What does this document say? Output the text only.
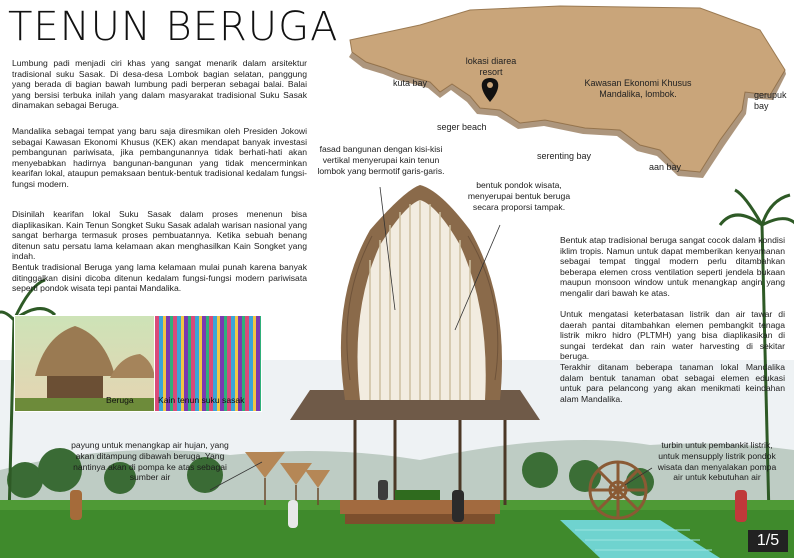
Beruga	Kain tenun suku sasak
TENUN BERUGA
Lumbung padi menjadi ciri khas yang sangat menarik dalam arsitektur tradisional suku Sasak. Di desa-desa Lombok bagian selatan, panggung yang berada di bagian bawah lumbung padi berperan sebagai balai. Balai yang bersisi terbuka inilah yang dalam masyarakat tradisional Suku Sasak dinamakan sebagai Beruga.
Mandalika sebagai tempat yang baru saja diresmikan oleh Presiden Jokowi sebagai Kawasan Ekonomi Khusus (KEK) akan mendapat banyak investasi pembangunan pariwisata, jika pembangunannya tidak berhati-hati akan menyebabkan hadirnya bangunan-bangunan yang tidak mencerminkan kearifan lokal, ataupun pemaksaan bentuk-bentuk tradisional kedalam fungsi-fungsi modern.
Disinilah kearifan lokal Suku Sasak dalam proses menenun bisa diaplikasikan. Kain Tenun Songket Suku Sasak adalah warisan nasional yang sangat berharga termasuk proses pembuatannya. Ketika sebuah benang ditenun satu persatu lama kelamaan akan menghasilkan Kain Songket yang indah.
Bentuk tradisional Beruga yang lama kelamaan mulai punah karena banyak ditinggalkan disini dicoba ditenun kedalam fungsi-fungsi modern pariwisata seperti pondok wisata tepi pantai Mandalika.
Bentuk atap tradisional beruga sangat cocok dalam kondisi iklim tropis. Namun untuk dapat memberikan kenyamanan sebagai tempat tinggal modern perlu ditambahkan beberapa elemen cross ventilation seperti jendela bukaan maupun monsoon window untuk menangkap angin yang mengalir dari bawah ke atas.
Untuk mengatasi keterbatasan listrik dan air tawar di daerah pantai ditambahkan elemen pembangkit tenaga listrik mikro hidro (PLTMH) yang bisa diaplikasikan di sungai terdekat dan rain water harvesting di sekitar beruga.
Terakhir ditanam beberapa tanaman lokal Mandalika dalam bentuk tanaman obat sebagai elemen edukasi untuk para pelancong yang akan menikmati keindahan alam Mandalika.
lokasi diarea resort
Kawasan Ekonomi Khusus Mandalika, lombok.
kuta bay
seger beach
serenting bay
aan bay
gerupuk bay
fasad bangunan dengan kisi-kisi vertikal menyerupai kain tenun lombok yang bermotif garis-garis.
bentuk pondok wisata, menyerupai bentuk beruga secara proporsi tampak.
payung untuk menangkap air hujan, yang akan ditampung dibawah beruga. Yang nantinya akan di pompa ke atas sebagai sumber air
turbin untuk pembankit listrik, untuk mensupply listrik pondok wisata dan menyalakan pompa air untuk kebutuhan air
1/5
